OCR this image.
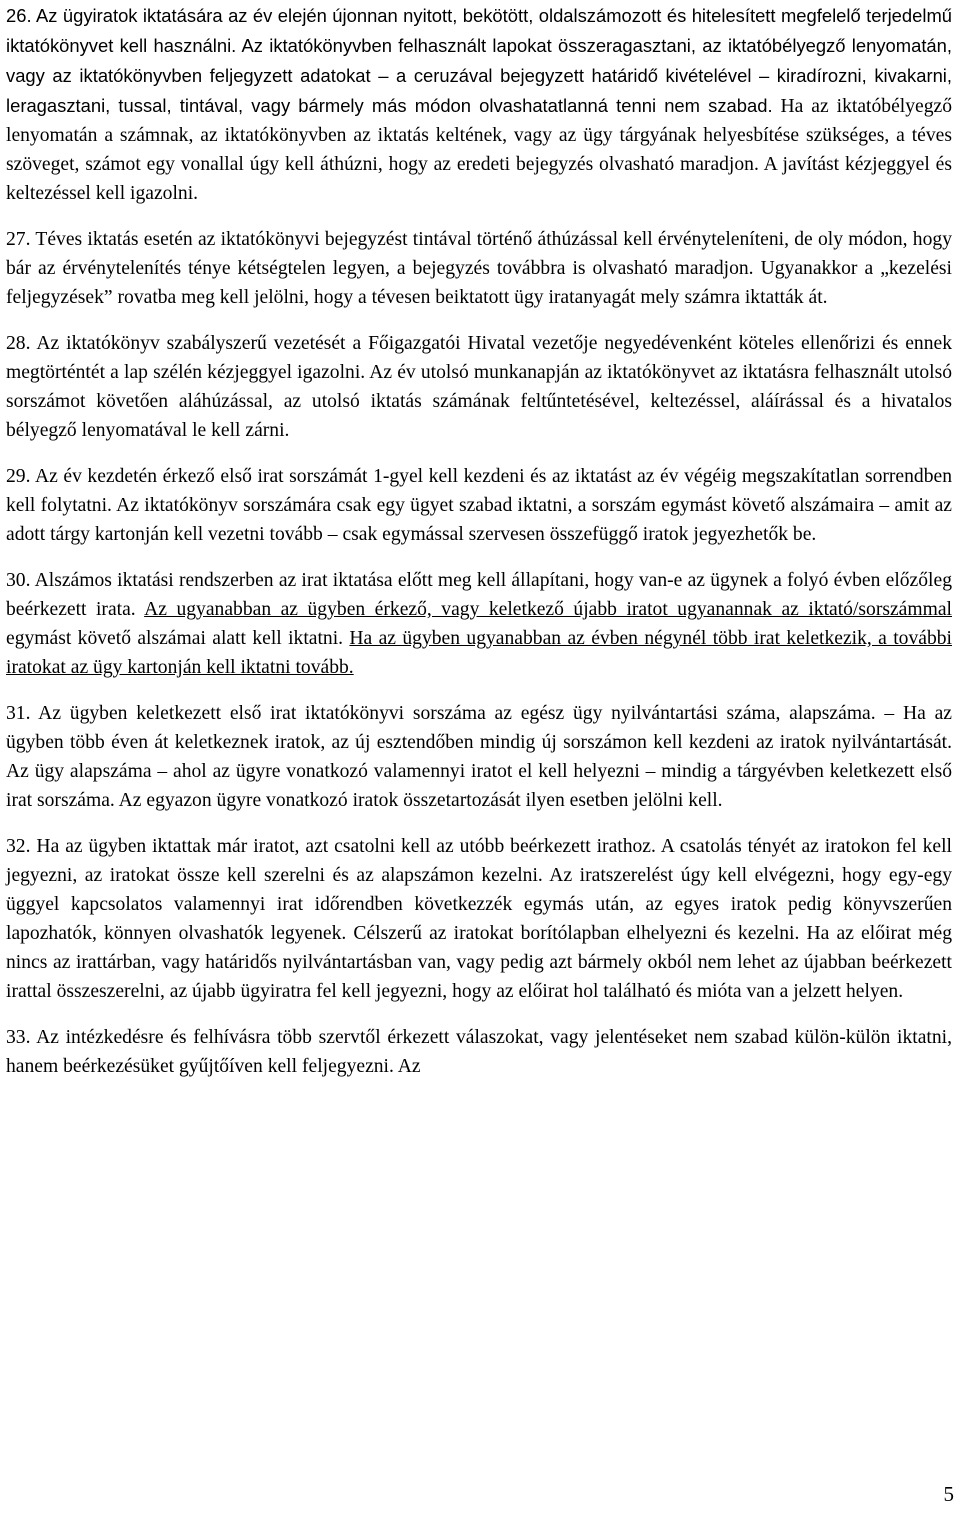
26. Az ügyiratok iktatására az év elején újonnan nyitott, bekötött, oldalszámozott és hitelesített megfelelő terjedelmű iktatókönyvet kell használni. Az iktatókönyvben felhasznált lapokat összeragasztani, az iktatóbélyegző lenyomatán, vagy az iktatókönyvben feljegyzett adatokat – a ceruzával bejegyzett határidő kivételével – kiradírozni, kivakarni, leragasztani, tussal, tintával, vagy bármely más módon olvashatatlanná tenni nem szabad. Ha az iktatóbélyegző lenyomatán a számnak, az iktatókönyvben az iktatás keltének, vagy az ügy tárgyának helyesbítése szükséges, a téves szöveget, számot egy vonallal úgy kell áthúzni, hogy az eredeti bejegyzés olvasható maradjon. A javítást kézjeggyel és keltezéssel kell igazolni.

27. Téves iktatás esetén az iktatókönyvi bejegyzést tintával történő áthúzással kell érvényteleníteni, de oly módon, hogy bár az érvénytelenítés ténye kétségtelen legyen, a bejegyzés továbbra is olvasható maradjon. Ugyanakkor a „kezelési feljegyzések” rovatba meg kell jelölni, hogy a tévesen beiktatott ügy iratanyagát mely számra iktatták át.

28. Az iktatókönyv szabályszerű vezetését a Főigazgatói Hivatal vezetője negyedévenként köteles ellenőrizi és ennek megtörténtét a lap szélén kézjeggyel igazolni. Az év utolsó munkanapján az iktatókönyvet az iktatásra felhasznált utolsó sorszámot követően aláhúzással, az utolsó iktatás számának feltűntetésével, keltezéssel, aláírással és a hivatalos bélyegző lenyomatával le kell zárni.

29. Az év kezdetén érkező első irat sorszámát 1-gyel kell kezdeni és az iktatást az év végéig megszakítatlan sorrendben kell folytatni. Az iktatókönyv sorszámára csak egy ügyet szabad iktatni, a sorszám egymást követő alszámaira – amit az adott tárgy kartonján kell vezetni tovább – csak egymással szervesen összefüggő iratok jegyezhetők be.

30. Alszámos iktatási rendszerben az irat iktatása előtt meg kell állapítani, hogy van-e az ügynek a folyó évben előzőleg beérkezett irata. Az ugyanabban az ügyben érkező, vagy keletkező újabb iratot ugyanannak az iktató/sorszámmal egymást követő alszámai alatt kell iktatni. Ha az ügyben ugyanabban az évben négynél több irat keletkezik, a további iratokat az ügy kartonján kell iktatni tovább.

31. Az ügyben keletkezett első irat iktatókönyvi sorszáma az egész ügy nyilvántartási száma, alapszáma. – Ha az ügyben több éven át keletkeznek iratok, az új esztendőben mindig új sorszámon kell kezdeni az iratok nyilvántartását. Az ügy alapszáma – ahol az ügyre vonatkozó valamennyi iratot el kell helyezni – mindig a tárgyévben keletkezett első irat sorszáma. Az egyazon ügyre vonatkozó iratok összetartozását ilyen esetben jelölni kell.

32. Ha az ügyben iktattak már iratot, azt csatolni kell az utóbb beérkezett irathoz. A csatolás tényét az iratokon fel kell jegyezni, az iratokat össze kell szerelni és az alapszámon kezelni. Az iratszerelést úgy kell elvégezni, hogy egy-egy üggyel kapcsolatos valamennyi irat időrendben következzék egymás után, az egyes iratok pedig könyvszerűen lapozhatók, könnyen olvashatók legyenek. Célszerű az iratokat borítólapban elhelyezni és kezelni. Ha az előirat még nincs az irattárban, vagy határidős nyilvántartásban van, vagy pedig azt bármely okból nem lehet az újabban beérkezett irattal összeszerelni, az újabb ügyiratra fel kell jegyezni, hogy az előirat hol található és mióta van a jelzett helyen.

33. Az intézkedésre és felhívásra több szervtől érkezett válaszokat, vagy jelentéseket nem szabad külön-külön iktatni, hanem beérkezésüket gyűjtőíven kell feljegyezni. Az

5
